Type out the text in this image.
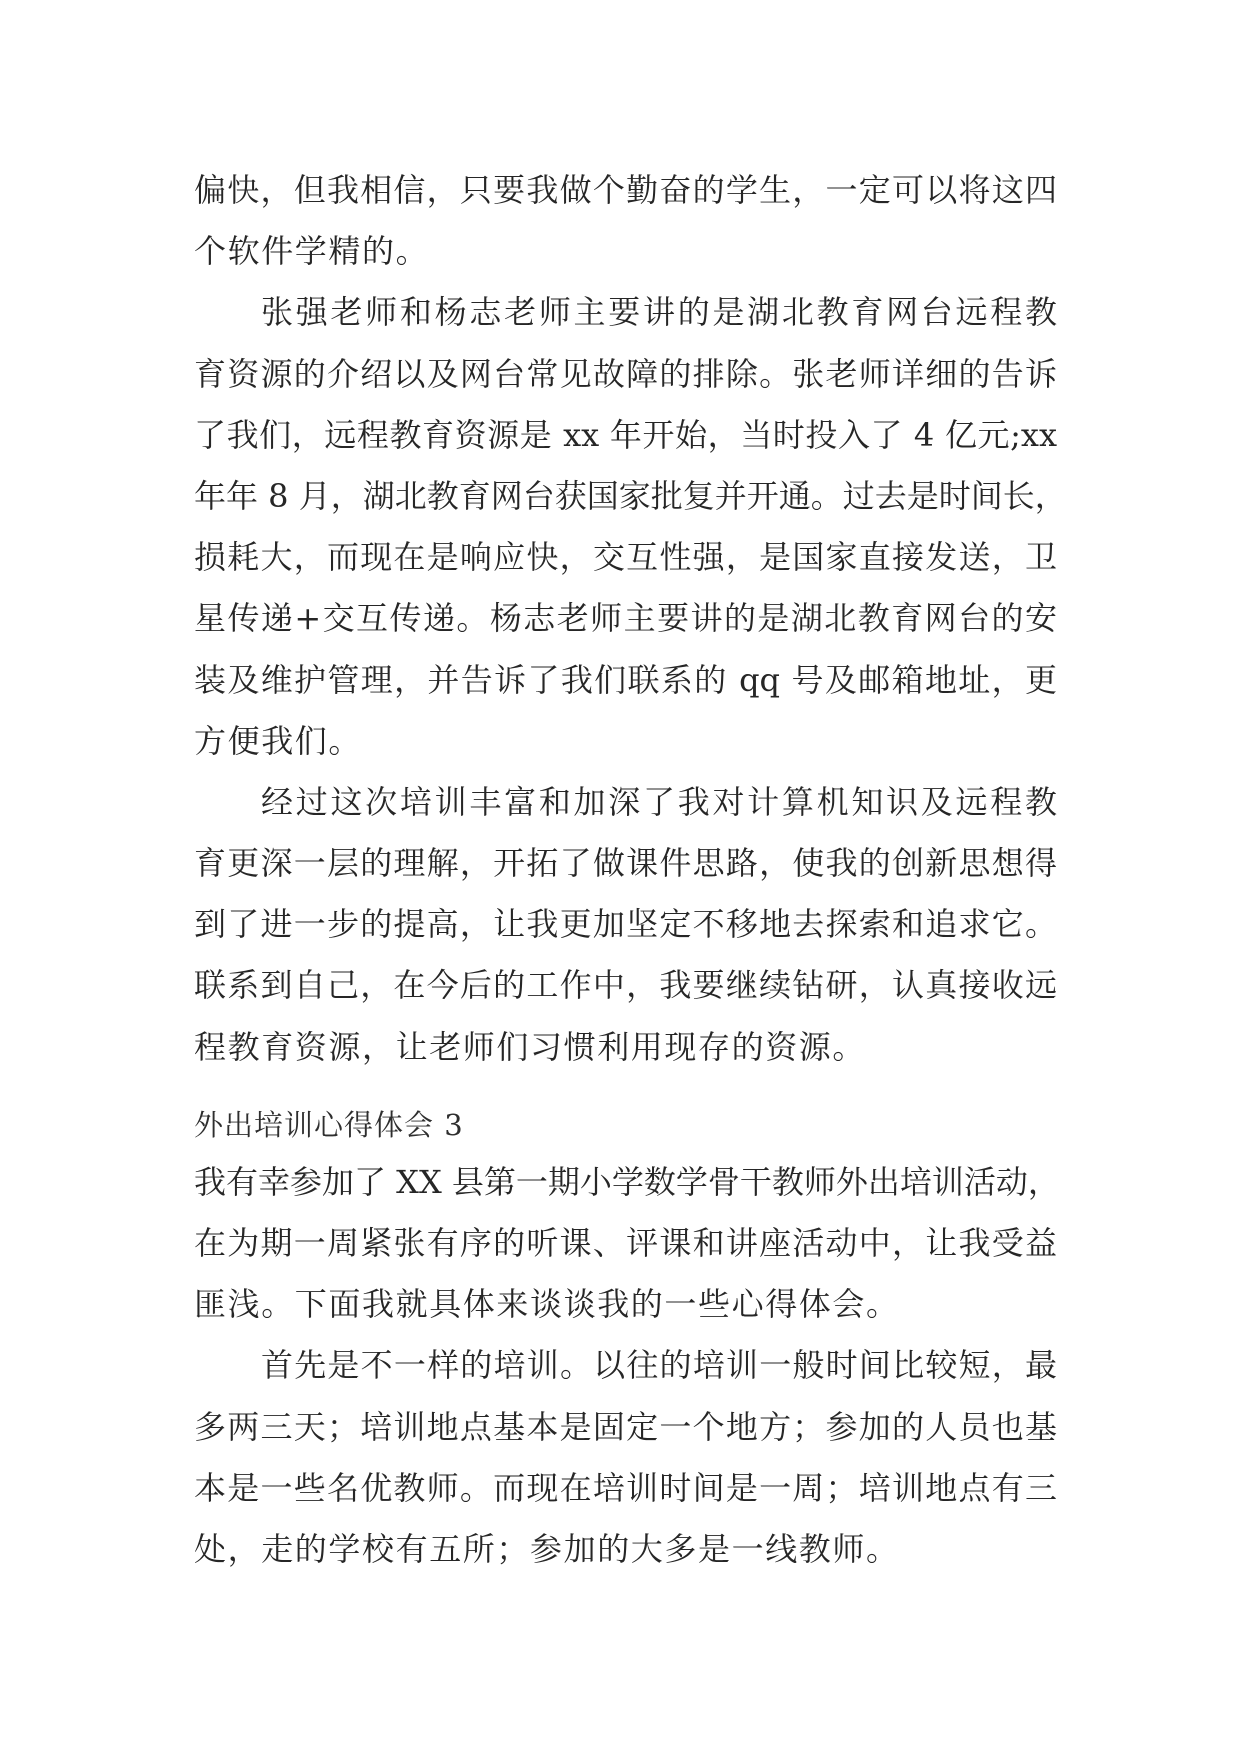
偏快，但我相信，只要我做个勤奋的学生，一定可以将这四
个软件学精的。
张强老师和杨志老师主要讲的是湖北教育网台远程教
育资源的介绍以及网台常见故障的排除。张老师详细的告诉
了我们，远程教育资源是 xx 年开始，当时投入了 4 亿元;xx
年年 8 月，湖北教育网台获国家批复并开通。过去是时间长，
损耗大，而现在是响应快，交互性强，是国家直接发送，卫
星传递+交互传递。杨志老师主要讲的是湖北教育网台的安
装及维护管理，并告诉了我们联系的 qq 号及邮箱地址，更
方便我们。
经过这次培训丰富和加深了我对计算机知识及远程教
育更深一层的理解，开拓了做课件思路，使我的创新思想得
到了进一步的提高，让我更加坚定不移地去探索和追求它。
联系到自己，在今后的工作中，我要继续钻研，认真接收远
程教育资源，让老师们习惯利用现存的资源。
外出培训心得体会 3
我有幸参加了 XX 县第一期小学数学骨干教师外出培训活动，
在为期一周紧张有序的听课、评课和讲座活动中，让我受益
匪浅。下面我就具体来谈谈我的一些心得体会。
首先是不一样的培训。以往的培训一般时间比较短，最
多两三天；培训地点基本是固定一个地方；参加的人员也基
本是一些名优教师。而现在培训时间是一周；培训地点有三
处，走的学校有五所；参加的大多是一线教师。
